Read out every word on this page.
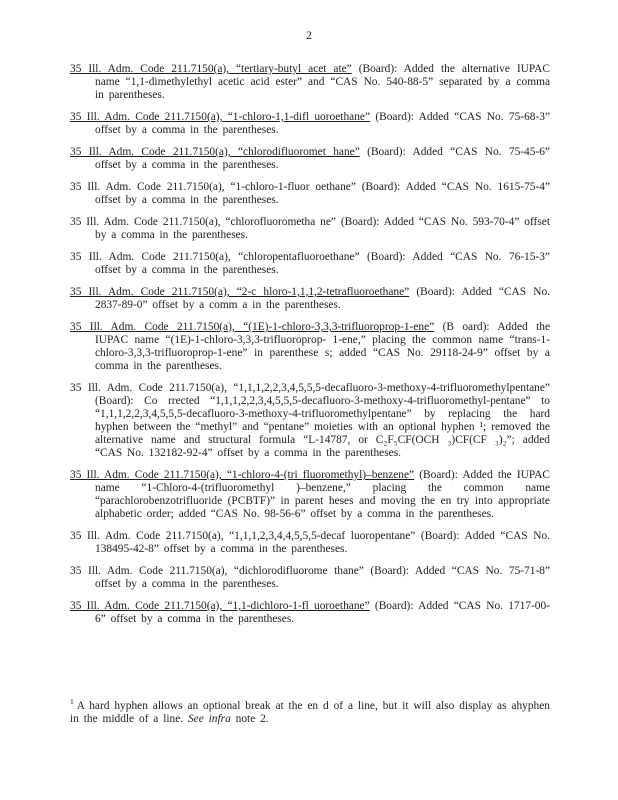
2

35 Ill. Adm. Code 211.7150(a), “tertiary-butyl acet ate” (Board): Added the alternative IUPAC name “1,1-dimethylethyl acetic acid ester” and “CAS No. 540-88-5” separated by a comma in parentheses.

35 Ill. Adm. Code 211.7150(a), “1-chloro-1,1-difl uoroethane” (Board): Added “CAS No. 75-68-3” offset by a comma in the parentheses.

35 Ill. Adm. Code 211.7150(a), “chlorodifluoromet hane” (Board): Added “CAS No. 75-45-6” offset by a comma in the parentheses.

35 Ill. Adm. Code 211.7150(a), “1-chloro-1-fluor oethane” (Board): Added “CAS No. 1615-75-4” offset by a comma in the parentheses.

35 Ill. Adm. Code 211.7150(a), “chlorofluorometha ne” (Board): Added “CAS No. 593-70-4” offset by a comma in the parentheses.

35 Ill. Adm. Code 211.7150(a), “chloropentafluoroethane” (Board): Added “CAS No. 76-15-3” offset by a comma in the parentheses.

35 Ill. Adm. Code 211.7150(a), “2-c hloro-1,1,1,2-tetrafluoroethane” (Board): Added “CAS No. 2837-89-0” offset by a comm a in the parentheses.

35 Ill. Adm. Code 211.7150(a), “(1E)-1-chloro-3,3,3-trifluoroprop-1-ene” (B oard): Added the IUPAC name “(1E)-1-chloro-3,3,3-trifluoroprop- 1-ene,” placing the common name “trans-1-chloro-3,3,3-trifluoroprop-1-ene” in parenthese s; added “CAS No. 29118-24-9” offset by a comma in the parentheses.

35 Ill. Adm. Code 211.7150(a), “1,1,1,2,2,3,4,5,5,5-decafluoro-3-methoxy-4-trifluoromethylpentane” (Board): Co rrected “1,1,1,2,2,3,4,5,5,5-decafluoro-3-methoxy-4-trifluoromethyl-pentane” to “1,1,1,2,2,3,4,5,5,5-decafluoro-3-methoxy-4-trifluoromethylpentane” by replacing the hard hyphen between the “methyl” and “pentane” moieties with an optional hyphen ¹; removed the alternative name and structural formula “L-14787, or C₂F₅CF(OCH ₃)CF(CF ₃)₂”; added “CAS No. 132182-92-4” offset by a comma in the parentheses.

35 Ill. Adm. Code 211.7150(a), “1-chloro-4-(tri fluoromethyl)–benzene” (Board): Added the IUPAC name “1-Chloro-4-(trifluoromethyl )–benzene,” placing the common name “parachlorobenzotrifluoride (PCBTF)” in parent heses and moving the en try into appropriate alphabetic order; added “CAS No. 98-56-6” offset by a comma in the parentheses.

35 Ill. Adm. Code 211.7150(a), “1,1,1,2,3,4,4,5,5,5-decaf luoropentane” (Board): Added “CAS No. 138495-42-8” offset by a comma in the parentheses.

35 Ill. Adm. Code 211.7150(a), “dichlorodifluorome thane” (Board): Added “CAS No. 75-71-8” offset by a comma in the parentheses.

35 Ill. Adm. Code 211.7150(a), “1,1-dichloro-1-fl uoroethane” (Board): Added “CAS No. 1717-00-6” offset by a comma in the parentheses.

$^1$ A hard hyphen allows an optional break at the en d of a line, but it will also display as ahyphen in the middle of a line. See infra note 2.
